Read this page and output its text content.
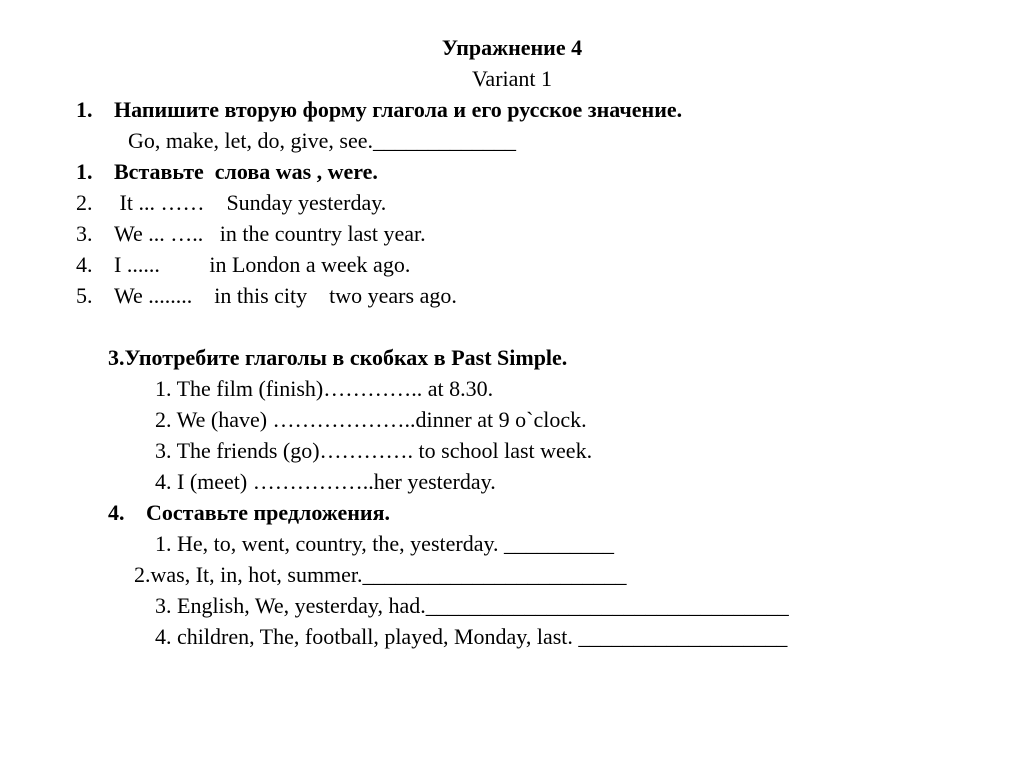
Упражнение 4

Variant 1

1. Напишите вторую форму глагола и его русское значение.

Go, make, let, do, give, see._____________

1. Вставьте  слова was , were.

2. It ... ……    Sunday yesterday.

3. We ... …..   in the country last year.

4. I ......         in London a week ago.

5. We ........    in this city    two years ago.

3.Употребите глаголы в скобках в Past Simple.

1. The film (finish)………….. at 8.30.

2. We (have) ………………..dinner at 9 o`clock.

3. The friends (go)…………. to school last week.

4. I (meet) ……………..her yesterday.

4. Составьте предложения.

1. He, to, went, country, the, yesterday. __________

2.was, It, in, hot, summer.________________________

3. English, We, yesterday, had._________________________________

4. children, The, football, played, Monday, last. ___________________
